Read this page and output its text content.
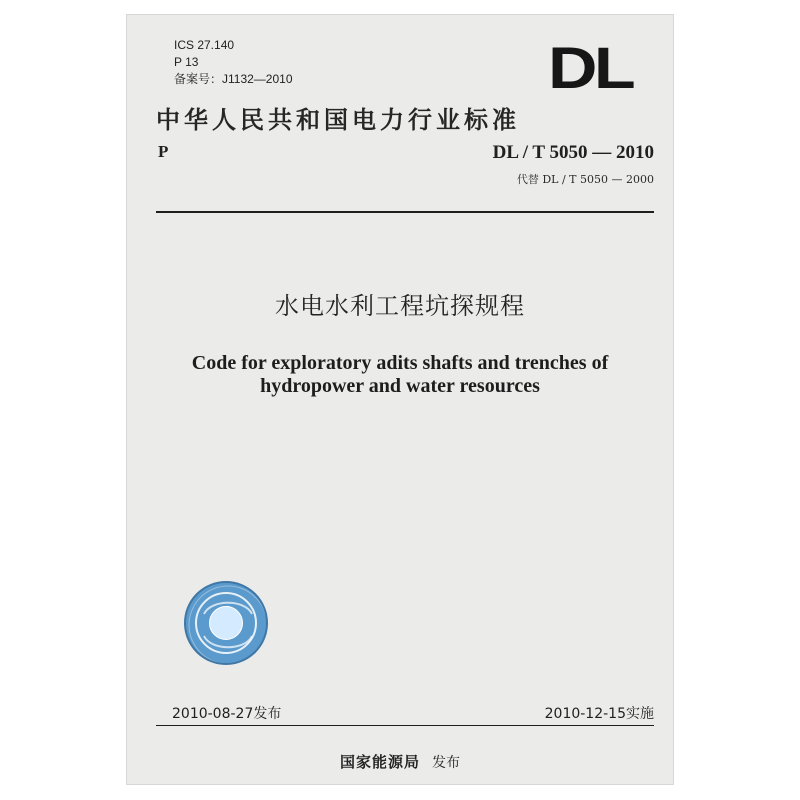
ICS 27.140
P 13
备案号：J1132—2010	DL
中华人民共和国电力行业标准
P	DL / T 5050 — 2010
代替 DL / T 5050 — 2000
水电水利工程坑探规程
Code for exploratory adits shafts and trenches of
hydropower and water resources
2010-08-27发布	2010-12-15实施
国家能源局 发布
